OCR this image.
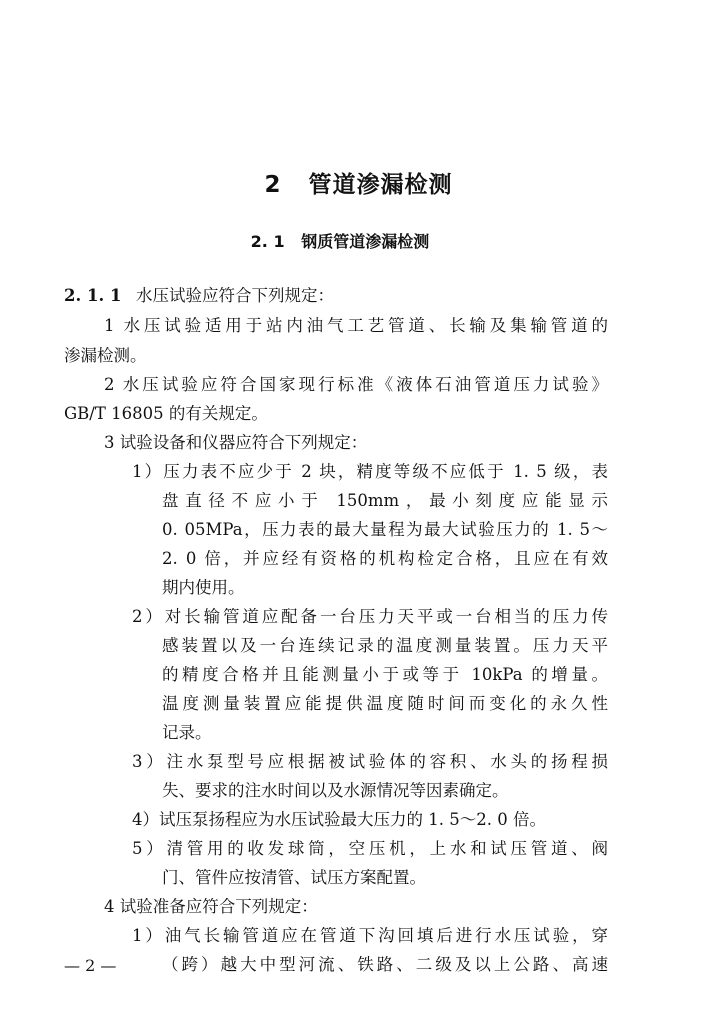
2   管道渗漏检测
2. 1   钢质管道渗漏检测
2. 1. 1 水压试验应符合下列规定：
1 水压试验适用于站内油气工艺管道、长输及集输管道的
渗漏检测。
2 水压试验应符合国家现行标准《液体石油管道压力试验》
GB/T 16805 的有关规定。
3 试验设备和仪器应符合下列规定：
1）压力表不应少于 2 块，精度等级不应低于 1. 5 级，表
盘直径不应小于 150mm，最小刻度应能显示
0. 05MPa，压力表的最大量程为最大试验压力的 1. 5～
2. 0 倍，并应经有资格的机构检定合格，且应在有效
期内使用。
2）对长输管道应配备一台压力天平或一台相当的压力传
感装置以及一台连续记录的温度测量装置。压力天平
的精度合格并且能测量小于或等于 10kPa 的增量。
温度测量装置应能提供温度随时间而变化的永久性
记录。
3）注水泵型号应根据被试验体的容积、水头的扬程损
失、要求的注水时间以及水源情况等因素确定。
4）试压泵扬程应为水压试验最大压力的 1. 5～2. 0 倍。
5）清管用的收发球筒，空压机，上水和试压管道、阀
门、管件应按清管、试压方案配置。
4 试验准备应符合下列规定：
1）油气长输管道应在管道下沟回填后进行水压试验，穿
（跨）越大中型河流、铁路、二级及以上公路、高速
— 2 —
